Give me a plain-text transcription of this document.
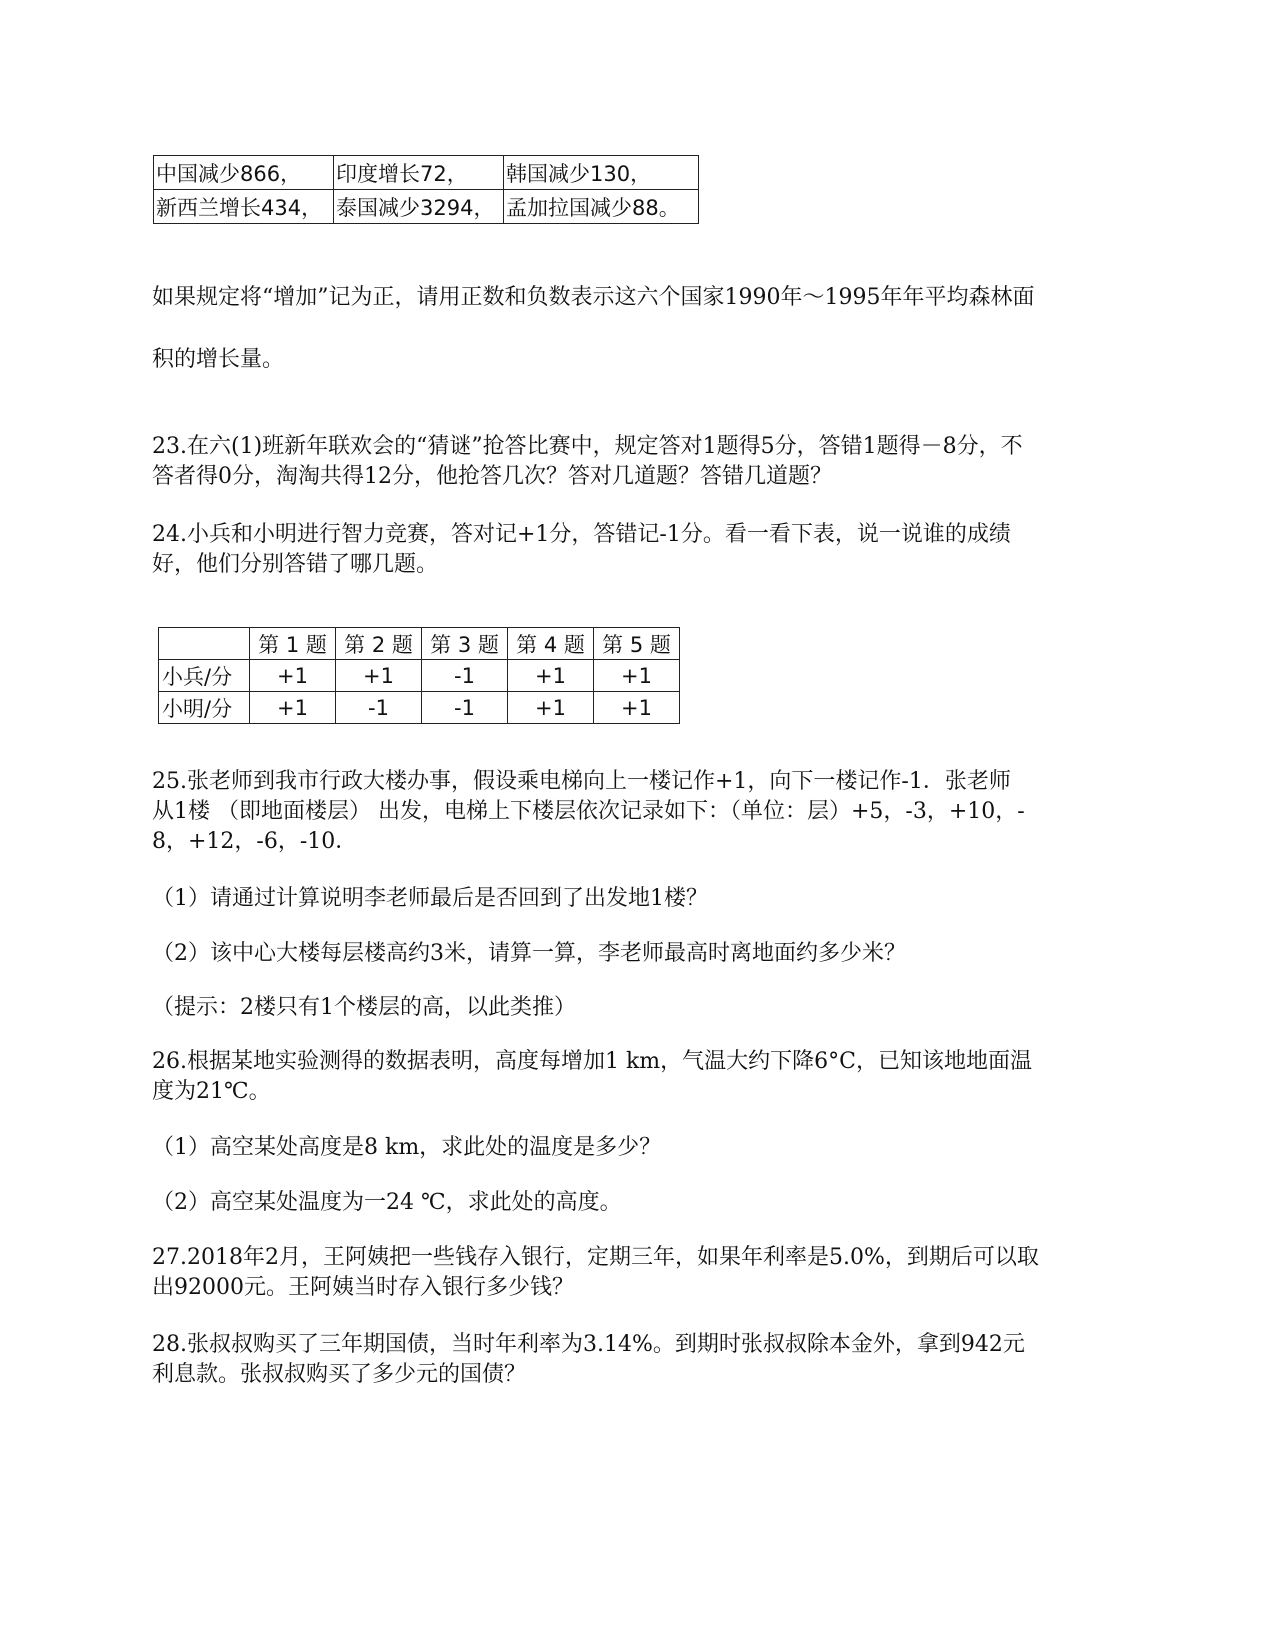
中国减少866，	印度增长72，	韩国减少130，
新西兰增长434，	泰国减少3294，	孟加拉国减少88。

如果规定将“增加”记为正，请用正数和负数表示这六个国家1990年～1995年年平均森林面

积的增长量。

23.在六(1)班新年联欢会的“猜谜”抢答比赛中，规定答对1题得5分，答错1题得－8分，不

答者得0分，淘淘共得12分，他抢答几次？答对几道题？答错几道题？

24.小兵和小明进行智力竞赛，答对记+1分，答错记-1分。看一看下表，说一说谁的成绩

好，他们分别答错了哪几题。

	第 1 题	第 2 题	第 3 题	第 4 题	第 5 题
小兵/分	+1	+1	-1	+1	+1
小明/分	+1	-1	-1	+1	+1

25.张老师到我市行政大楼办事，假设乘电梯向上一楼记作+1，向下一楼记作-1．张老师

从1楼 （即地面楼层） 出发，电梯上下楼层依次记录如下：（单位：层）+5，-3，+10，-

8，+12，-6，-10．

（1）请通过计算说明李老师最后是否回到了出发地1楼？

（2）该中心大楼每层楼高约3米，请算一算，李老师最高时离地面约多少米？

（提示：2楼只有1个楼层的高，以此类推）

26.根据某地实验测得的数据表明，高度每增加1 km，气温大约下降6°C，已知该地地面温

度为21℃。

（1）高空某处高度是8 km，求此处的温度是多少？

（2）高空某处温度为一24 ℃，求此处的高度。

27.2018年2月，王阿姨把一些钱存入银行，定期三年，如果年利率是5.0%，到期后可以取

出92000元。王阿姨当时存入银行多少钱？

28.张叔叔购买了三年期国债，当时年利率为3.14%。到期时张叔叔除本金外，拿到942元

利息款。张叔叔购买了多少元的国债？
